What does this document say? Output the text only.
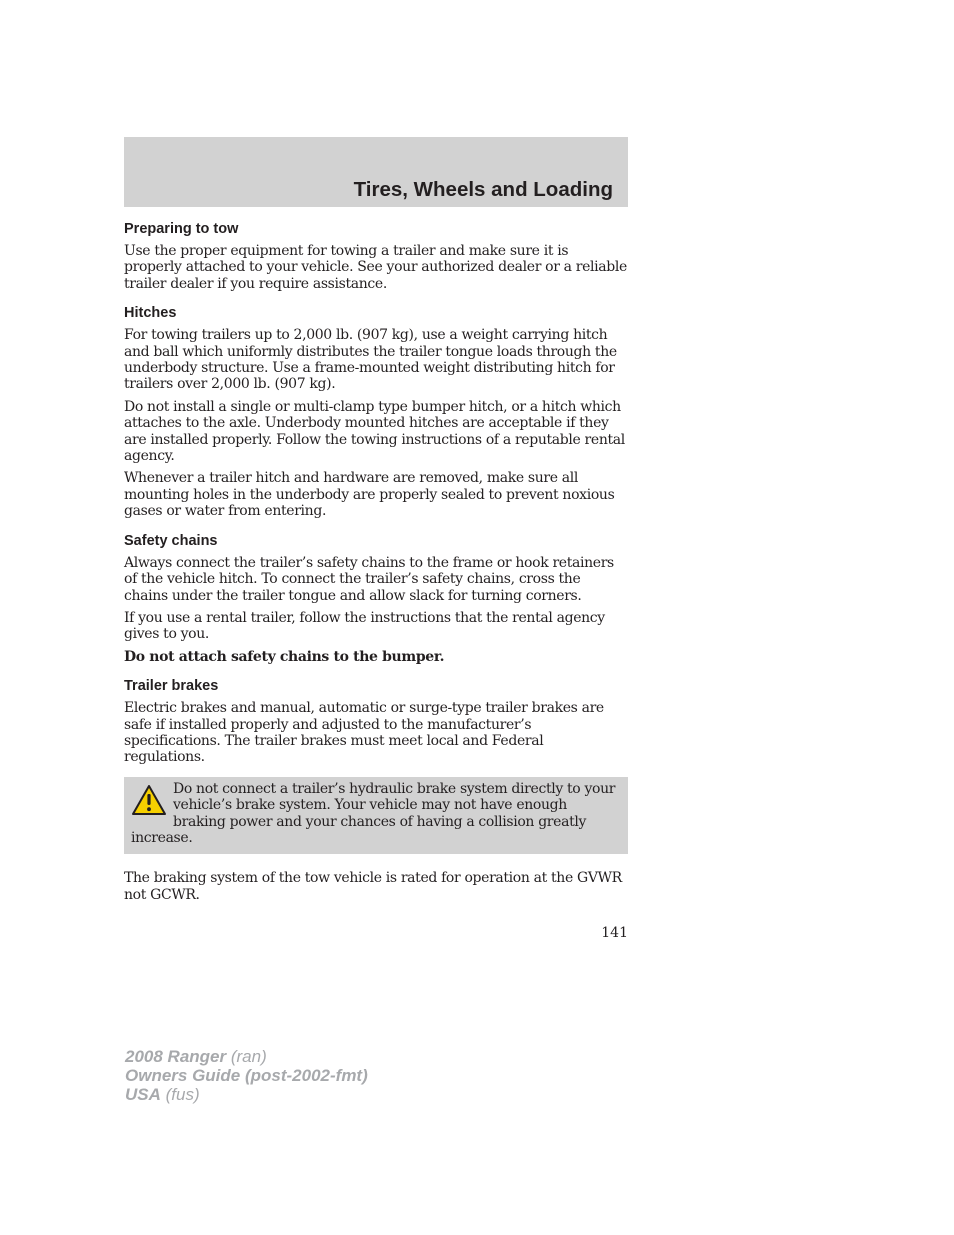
Tires, Wheels and Loading
Preparing to tow

Use the proper equipment for towing a trailer and make sure it is properly attached to your vehicle. See your authorized dealer or a reliable trailer dealer if you require assistance.

Hitches

For towing trailers up to 2,000 lb. (907 kg), use a weight carrying hitch and ball which uniformly distributes the trailer tongue loads through the underbody structure. Use a frame-mounted weight distributing hitch for trailers over 2,000 lb. (907 kg).

Do not install a single or multi-clamp type bumper hitch, or a hitch which attaches to the axle. Underbody mounted hitches are acceptable if they are installed properly. Follow the towing instructions of a reputable rental agency.

Whenever a trailer hitch and hardware are removed, make sure all mounting holes in the underbody are properly sealed to prevent noxious gases or water from entering.

Safety chains

Always connect the trailer’s safety chains to the frame or hook retainers of the vehicle hitch. To connect the trailer’s safety chains, cross the chains under the trailer tongue and allow slack for turning corners.

If you use a rental trailer, follow the instructions that the rental agency gives to you.

Do not attach safety chains to the bumper.

Trailer brakes

Electric brakes and manual, automatic or surge-type trailer brakes are safe if installed properly and adjusted to the manufacturer’s specifications. The trailer brakes must meet local and Federal regulations.

Do not connect a trailer’s hydraulic brake system directly to your vehicle’s brake system. Your vehicle may not have enough braking power and your chances of having a collision greatly increase.

The braking system of the tow vehicle is rated for operation at the GVWR not GCWR.

141
2008 Ranger (ran)
Owners Guide (post-2002-fmt)
USA (fus)
